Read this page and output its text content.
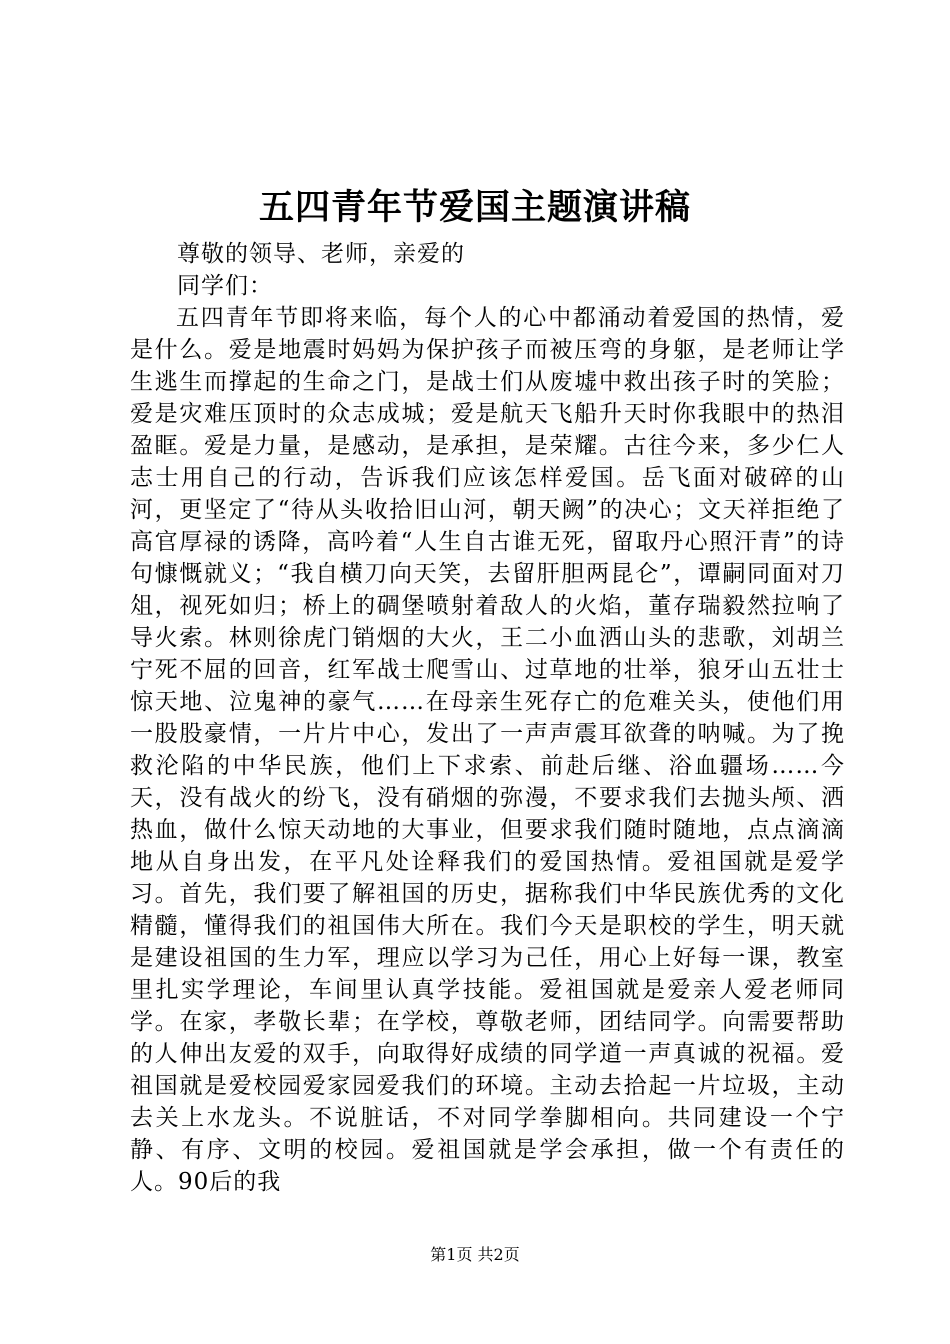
五四青年节爱国主题演讲稿
尊敬的领导、老师，亲爱的
同学们：
五四青年节即将来临，每个人的心中都涌动着爱国的热情，爱是什么。爱是地震时妈妈为保护孩子而被压弯的身躯，是老师让学生逃生而撑起的生命之门，是战士们从废墟中救出孩子时的笑脸；爱是灾难压顶时的众志成城；爱是航天飞船升天时你我眼中的热泪盈眶。爱是力量，是感动，是承担，是荣耀。古往今来，多少仁人志士用自己的行动，告诉我们应该怎样爱国。岳飞面对破碎的山河，更坚定了“待从头收拾旧山河，朝天阙”的决心；文天祥拒绝了高官厚禄的诱降，高吟着“人生自古谁无死，留取丹心照汗青”的诗句慷慨就义；“我自横刀向天笑，去留肝胆两昆仑”，谭嗣同面对刀俎，视死如归；桥上的碉堡喷射着敌人的火焰，董存瑞毅然拉响了导火索。林则徐虎门销烟的大火，王二小血洒山头的悲歌，刘胡兰宁死不屈的回音，红军战士爬雪山、过草地的壮举，狼牙山五壮士惊天地、泣鬼神的豪气……在母亲生死存亡的危难关头，使他们用一股股豪情，一片片中心，发出了一声声震耳欲聋的呐喊。为了挽救沦陷的中华民族，他们上下求索、前赴后继、浴血疆场……今天，没有战火的纷飞，没有硝烟的弥漫，不要求我们去抛头颅、洒热血，做什么惊天动地的大事业，但要求我们随时随地，点点滴滴地从自身出发，在平凡处诠释我们的爱国热情。爱祖国就是爱学习。首先，我们要了解祖国的历史，据称我们中华民族优秀的文化精髓，懂得我们的祖国伟大所在。我们今天是职校的学生，明天就是建设祖国的生力军，理应以学习为己任，用心上好每一课，教室里扎实学理论，车间里认真学技能。爱祖国就是爱亲人爱老师同学。在家，孝敬长辈；在学校，尊敬老师，团结同学。向需要帮助的人伸出友爱的双手，向取得好成绩的同学道一声真诚的祝福。爱祖国就是爱校园爱家园爱我们的环境。主动去拾起一片垃圾，主动去关上水龙头。不说脏话，不对同学拳脚相向。共同建设一个宁静、有序、文明的校园。爱祖国就是学会承担，做一个有责任的人。90后的我
第1页 共2页
